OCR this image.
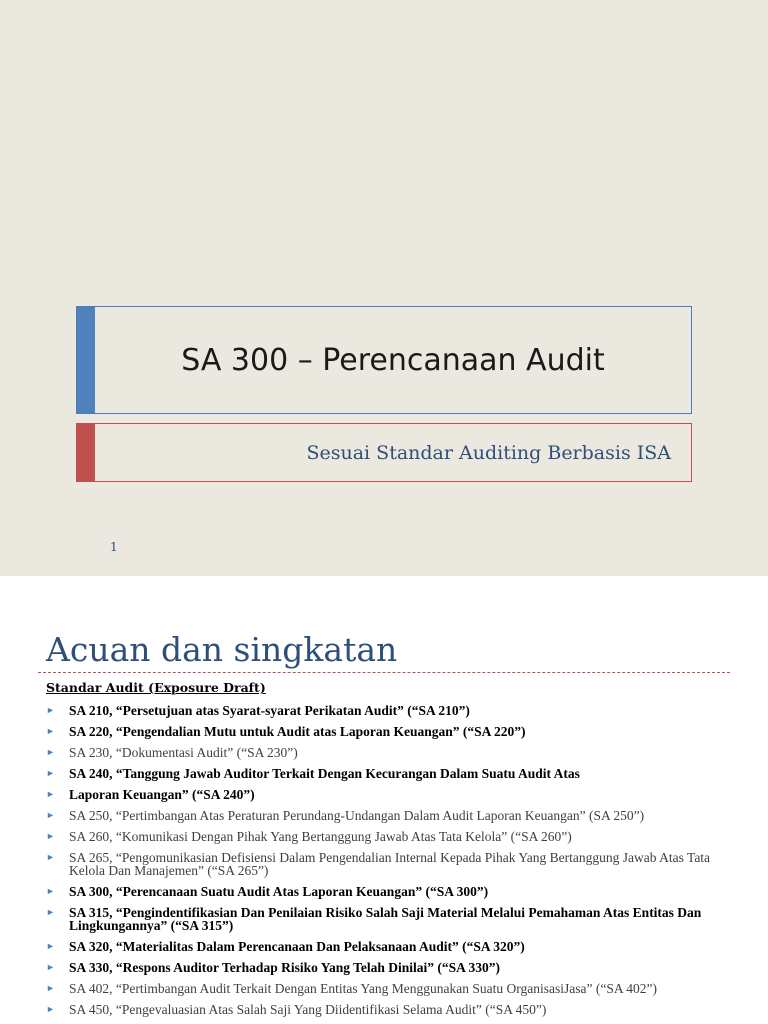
SA 300 – Perencanaan Audit
Sesuai Standar Auditing Berbasis ISA
1
Acuan dan singkatan
Standar Audit (Exposure Draft)
► SA 210, “Persetujuan atas Syarat-syarat Perikatan Audit” (“SA 210”)
► SA 220, “Pengendalian Mutu untuk Audit atas Laporan Keuangan” (“SA 220”)
► SA 230, “Dokumentasi Audit” (“SA 230”)
► SA 240, “Tanggung Jawab Auditor Terkait Dengan Kecurangan Dalam Suatu Audit Atas
► Laporan Keuangan” (“SA 240”)
► SA 250, “Pertimbangan Atas Peraturan Perundang-Undangan Dalam Audit Laporan Keuangan” (SA 250”)
► SA 260, “Komunikasi Dengan Pihak Yang Bertanggung Jawab Atas Tata Kelola” (“SA 260”)
► SA 265, “Pengomunikasian Defisiensi Dalam Pengendalian Internal Kepada Pihak Yang Bertanggung Jawab Atas Tata Kelola Dan Manajemen” (“SA 265”)
► SA 300, “Perencanaan Suatu Audit Atas Laporan Keuangan” (“SA 300”)
► SA 315, “Pengindentifikasian Dan Penilaian Risiko Salah Saji Material Melalui Pemahaman Atas Entitas Dan Lingkungannya” (“SA 315”)
► SA 320, “Materialitas Dalam Perencanaan Dan Pelaksanaan Audit” (“SA 320”)
► SA 330, “Respons Auditor Terhadap Risiko Yang Telah Dinilai” (“SA 330”)
► SA 402, “Pertimbangan Audit Terkait Dengan Entitas Yang Menggunakan Suatu OrganisasiJasa” (“SA 402”)
► SA 450, “Pengevaluasian Atas Salah Saji Yang Diidentifikasi Selama Audit” (“SA 450”)
